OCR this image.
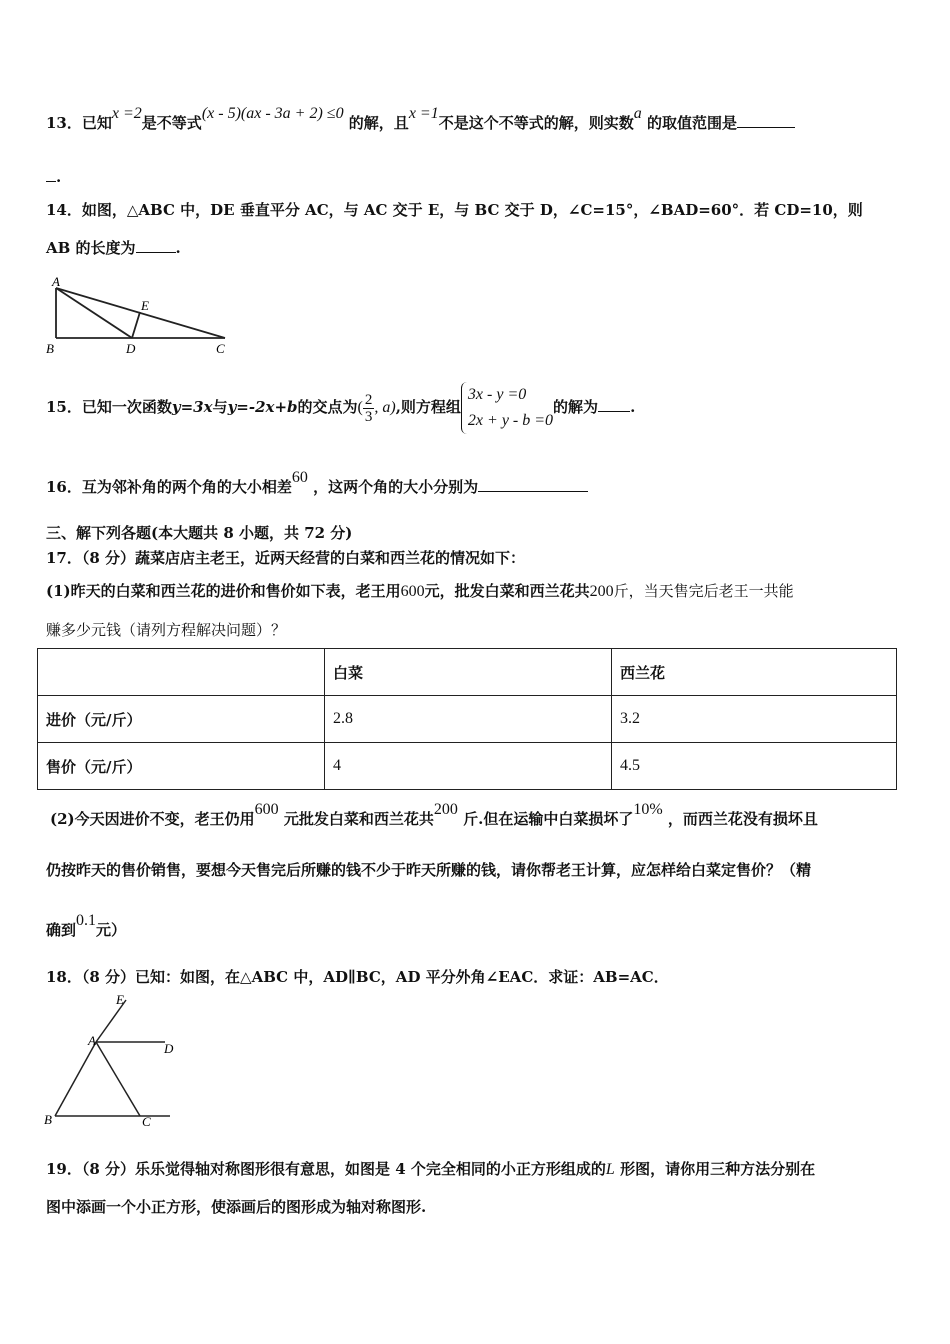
13．已知x =2是不等式(x - 5)(ax - 3a + 2) ≤0 的解，且x =1不是这个不等式的解，则实数a 的取值范围是
.
14．如图，△ABC 中，DE 垂直平分 AC，与 AC 交于 E，与 BC 交于 D，∠C=15°，∠BAD=60°．若 CD=10，则
AB 的长度为	.
A
B	D
E
C
15．已知一次函数y=3x与y=-2x+b的交点为( $\frac{2}{3}$ , a),则方程组
3x - y =0
2x + y - b =0
的解为 .
16．互为邻补角的两个角的大小相差60 ，这两个角的大小分别为
三、解下列各题(本大题共 8 小题，共 72 分)
17．（8 分）蔬菜店店主老王，近两天经营的白菜和西兰花的情况如下：
(1)昨天的白菜和西兰花的进价和售价如下表，老王用600元，批发白菜和西兰花共200斤，当天售完后老王一共能
赚多少元钱（请列方程解决问题）？
	白菜	西兰花
进价（元/斤）	2.8	3.2
售价（元/斤）	4	4.5
(2)今天因进价不变，老王仍用600 元批发白菜和西兰花共200 斤.但在运输中白菜损坏了10% ，而西兰花没有损坏且
仍按昨天的售价销售，要想今天售完后所赚的钱不少于昨天所赚的钱，请你帮老王计算，应怎样给白菜定售价？（精
确到0.1元）
18．（8 分）已知：如图，在△ABC 中，AD∥BC，AD 平分外角∠EAC．求证：AB=AC．
E
A
D
B	C
19．（8 分）乐乐觉得轴对称图形很有意思，如图是 4 个完全相同的小正方形组成的L 形图，请你用三种方法分别在
图中添画一个小正方形，使添画后的图形成为轴对称图形.
